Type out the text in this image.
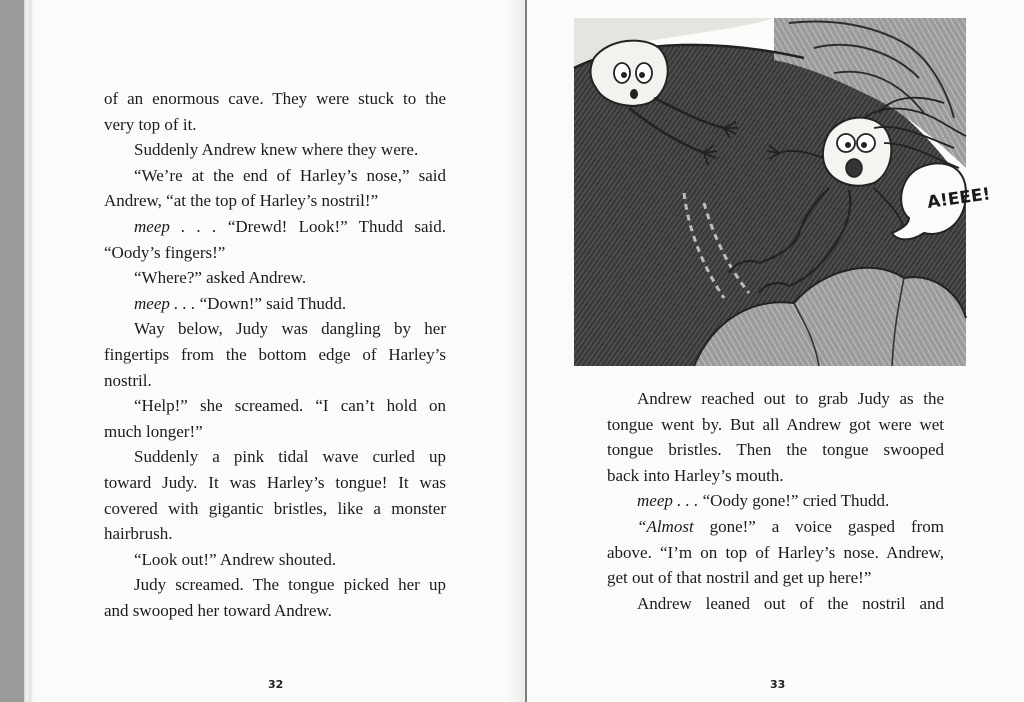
of an enormous cave. They were stuck to the

very top of it.

Suddenly Andrew knew where they were.

“We’re at the end of Harley’s nose,” said

Andrew, “at the top of Harley’s nostril!”

meep . . . “Drewd! Look!” Thudd said.

“Oody’s fingers!”

“Where?” asked Andrew.

meep . . . “Down!” said Thudd.

Way below, Judy was dangling by her

fingertips from the bottom edge of Harley’s

nostril.

“Help!” she screamed. “I can’t hold on

much longer!”

Suddenly a pink tidal wave curled up

toward Judy. It was Harley’s tongue! It was

covered with gigantic bristles, like a monster

hairbrush.

“Look out!” Andrew shouted.

Judy screamed. The tongue picked her up

and swooped her toward Andrew.

32
A!EEE!

Andrew reached out to grab Judy as the

tongue went by. But all Andrew got were wet

tongue bristles. Then the tongue swooped

back into Harley’s mouth.

meep . . . “Oody gone!” cried Thudd.

“Almost gone!” a voice gasped from

above. “I’m on top of Harley’s nose. Andrew,

get out of that nostril and get up here!”

Andrew leaned out of the nostril and

33
